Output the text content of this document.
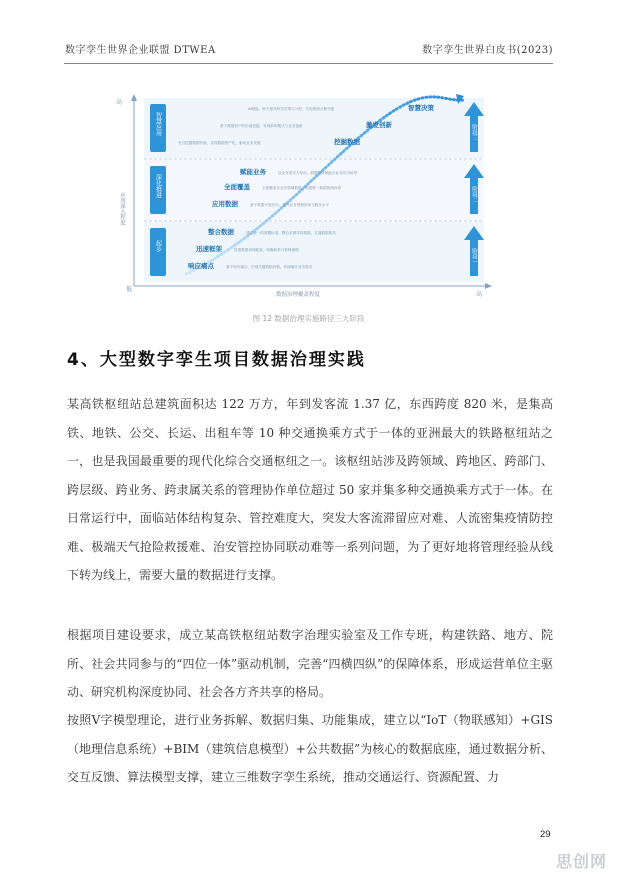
数字孪生世界企业联盟 DTWEA	数字孪生世界白皮书(2023)
低
高
高
数据治理覆盖程度
应用深入程度
智慧应用
深化推进
起步
阶段三
阶段二
阶段一
智慧决策
AI赋能，助力领导科学决策与分析，实现资源合理分配
激发创新
基于数据资产的价值挖掘，发现新的模式与业务创新
挖掘数据
充分挖掘数据价值，实现数据资产化，驱动业务发展
赋能业务	以业务需求为导向，数据服务赋能各业务应用场景
全面覆盖	全面覆盖各业务领域数据，构建统一数据资源体系
应用数据	基于数据开展应用，提升业务管理效率与服务水平
整合数据	建立统一的数据标准，整合多源异构数据，打通数据孤岛
迅速框架	搭建数据治理框架，明确职责与管理流程
响应痛点	基于现有痛点，识别关键数据问题，快速响应业务需求
图 12 数据治理实施路径三大阶段
4、大型数字孪生项目数据治理实践

某高铁枢纽站总建筑面积达 122 万方，年到发客流 1.37 亿，东西跨度 820 米，是集高铁、地铁、公交、长运、出租车等 10 种交通换乘方式于一体的亚洲最大的铁路枢纽站之一，也是我国最重要的现代化综合交通枢纽之一。该枢纽站涉及跨领域、跨地区、跨部门、跨层级、跨业务、跨隶属关系的管理协作单位超过 50 家并集多种交通换乘方式于一体。在日常运行中，面临站体结构复杂、管控难度大，突发大客流滞留应对难、人流密集疫情防控难、极端天气抢险救援难、治安管控协同联动难等一系列问题，为了更好地将管理经验从线下转为线上，需要大量的数据进行支撑。

根据项目建设要求，成立某高铁枢纽站数字治理实验室及工作专班，构建铁路、地方、院所、社会共同参与的“四位一体”驱动机制，完善“四横四纵”的保障体系，形成运营单位主驱动、研究机构深度协同、社会各方齐共享的格局。

按照V字模型理论，进行业务拆解、数据归集、功能集成，建立以“IoT（物联感知）+GIS（地理信息系统）+BIM（建筑信息模型）+公共数据”为核心的数据底座，通过数据分析、交互反馈、算法模型支撑，建立三维数字孪生系统，推动交通运行、资源配置、力

29
思创网
